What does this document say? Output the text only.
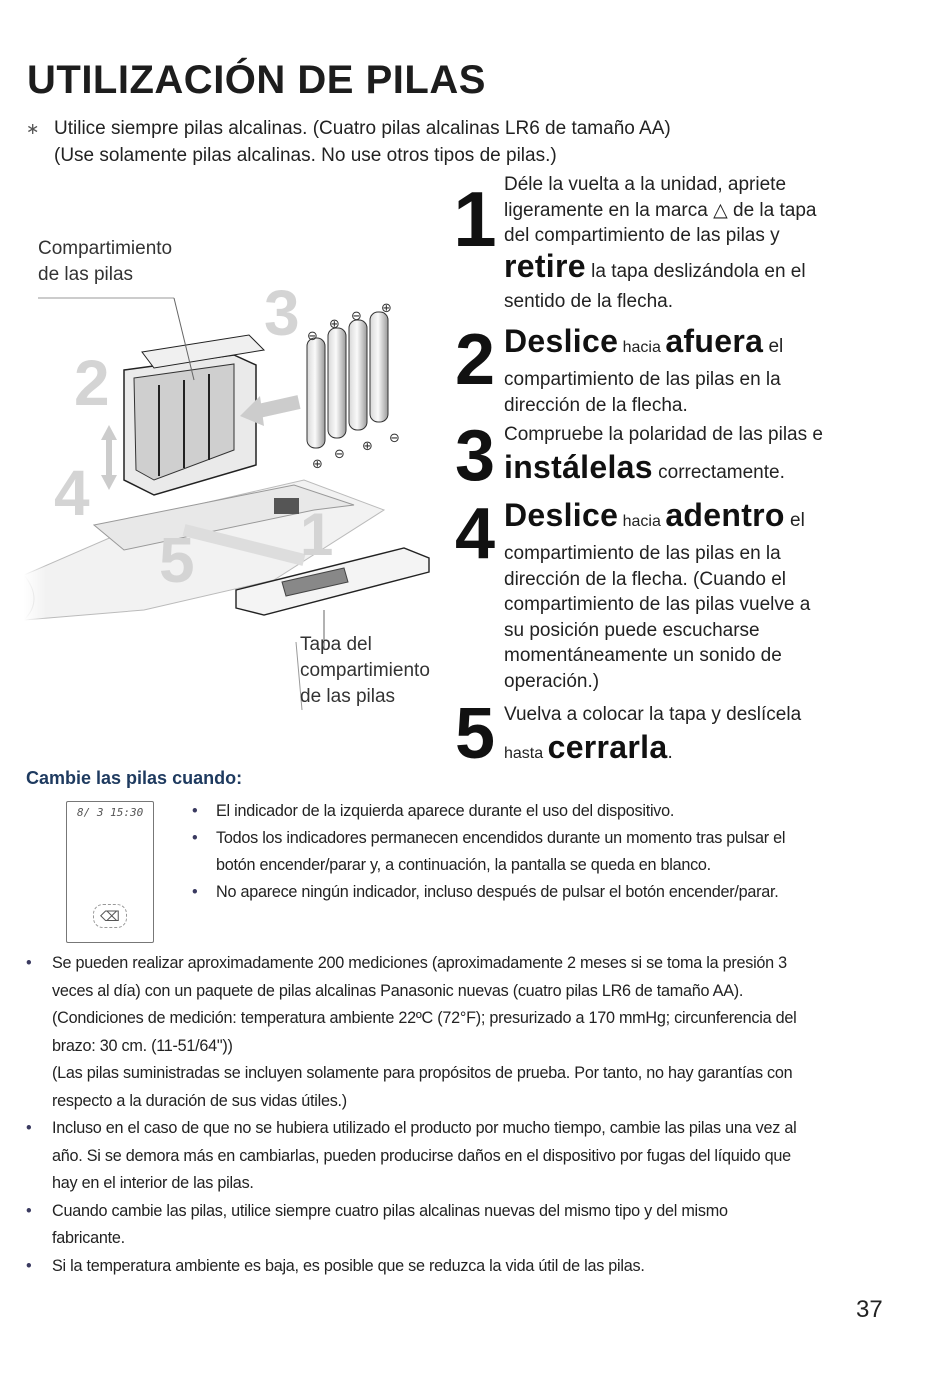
UTILIZACIÓN DE PILAS
∗ Utilice siempre pilas alcalinas. (Cuatro pilas alcalinas LR6 de tamaño AA)
(Use solamente pilas alcalinas. No use otros tipos de pilas.)
⊖
⊕
⊖
⊕
⊕
⊖
⊕
⊖
3
2
5 1
Compartimiento
de las pilas
Tapa del
compartimiento
de las pilas
1 Déle la vuelta a la unidad, apriete
ligeramente en la marca △ de la tapa
del compartimiento de las pilas y
retire la tapa deslizándola en el
sentido de la flecha.
2 Deslice hacia afuera el
compartimiento de las pilas en la
dirección de la flecha.
3 Compruebe la polaridad de las pilas e
instálelas correctamente.
4 Deslice hacia adentro el
compartimiento de las pilas en la
dirección de la flecha. (Cuando el
compartimiento de las pilas vuelve a
su posición puede escucharse
momentáneamente un sonido de
operación.)
5 Vuelva a colocar la tapa y deslícela
hasta cerrarla.
Cambie las pilas cuando:
8/ 3 15:30
⌫
• El indicador de la izquierda aparece durante el uso del dispositivo.
• Todos los indicadores permanecen encendidos durante un momento tras pulsar el
botón encender/parar y, a continuación, la pantalla se queda en blanco.
• No aparece ningún indicador, incluso después de pulsar el botón encender/parar.
• Se pueden realizar aproximadamente 200 mediciones (aproximadamente 2 meses si se toma la presión 3
veces al día) con un paquete de pilas alcalinas Panasonic nuevas (cuatro pilas LR6 de tamaño AA).
(Condiciones de medición: temperatura ambiente 22ºC (72°F); presurizado a 170 mmHg; circunferencia del
brazo: 30 cm. (11-51/64"))
(Las pilas suministradas se incluyen solamente para propósitos de prueba. Por tanto, no hay garantías con
respecto a la duración de sus vidas útiles.)
• Incluso en el caso de que no se hubiera utilizado el producto por mucho tiempo, cambie las pilas una vez al
año. Si se demora más en cambiarlas, pueden producirse daños en el dispositivo por fugas del líquido que
hay en el interior de las pilas.
• Cuando cambie las pilas, utilice siempre cuatro pilas alcalinas nuevas del mismo tipo y del mismo
fabricante.
• Si la temperatura ambiente es baja, es posible que se reduzca la vida útil de las pilas.
37
